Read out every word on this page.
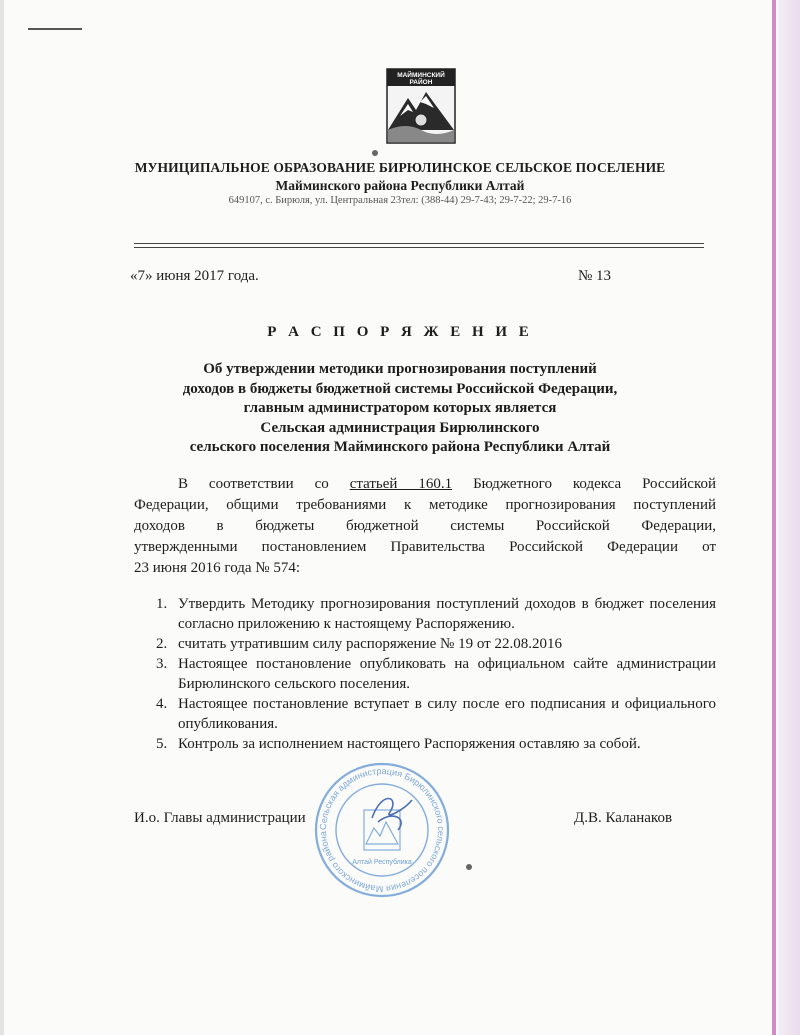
МАЙМИНСКИЙ
РАЙОН
МУНИЦИПАЛЬНОЕ ОБРАЗОВАНИЕ БИРЮЛИНСКОЕ СЕЛЬСКОЕ ПОСЕЛЕНИЕ
Майминского района Республики Алтай
649107, с. Бирюля, ул. Центральная 23тел: (388-44) 29-7-43; 29-7-22; 29-7-16
«7» июня 2017 года.	№ 13
Р А С П О Р Я Ж Е Н И Е
Об утверждении методики прогнозирования поступлений
доходов в бюджеты бюджетной системы Российской Федерации,
главным администратором которых является
Сельская администрация Бирюлинского
сельского поселения Майминского района Республики Алтай
В соответствии со статьей 160.1 Бюджетного кодекса Российской
Федерации, общими требованиями к методике прогнозирования поступлений
доходов в бюджеты бюджетной системы Российской Федерации,
утвержденными постановлением Правительства Российской Федерации от
23 июня 2016 года № 574:
1. Утвердить Методику прогнозирования поступлений доходов в бюджет поселения согласно приложению к настоящему Распоряжению.
2. считать утратившим силу распоряжение № 19 от 22.08.2016
3. Настоящее постановление опубликовать на официальном сайте администрации Бирюлинского сельского поселения.
4. Настоящее постановление вступает в силу после его подписания и официального опубликования.
5. Контроль за исполнением настоящего Распоряжения оставляю за собой.
И.о. Главы администрации	Д.В. Каланаков
Сельская администрация Бирюлинского сельского поселения Майминского района
Алтай Республика
